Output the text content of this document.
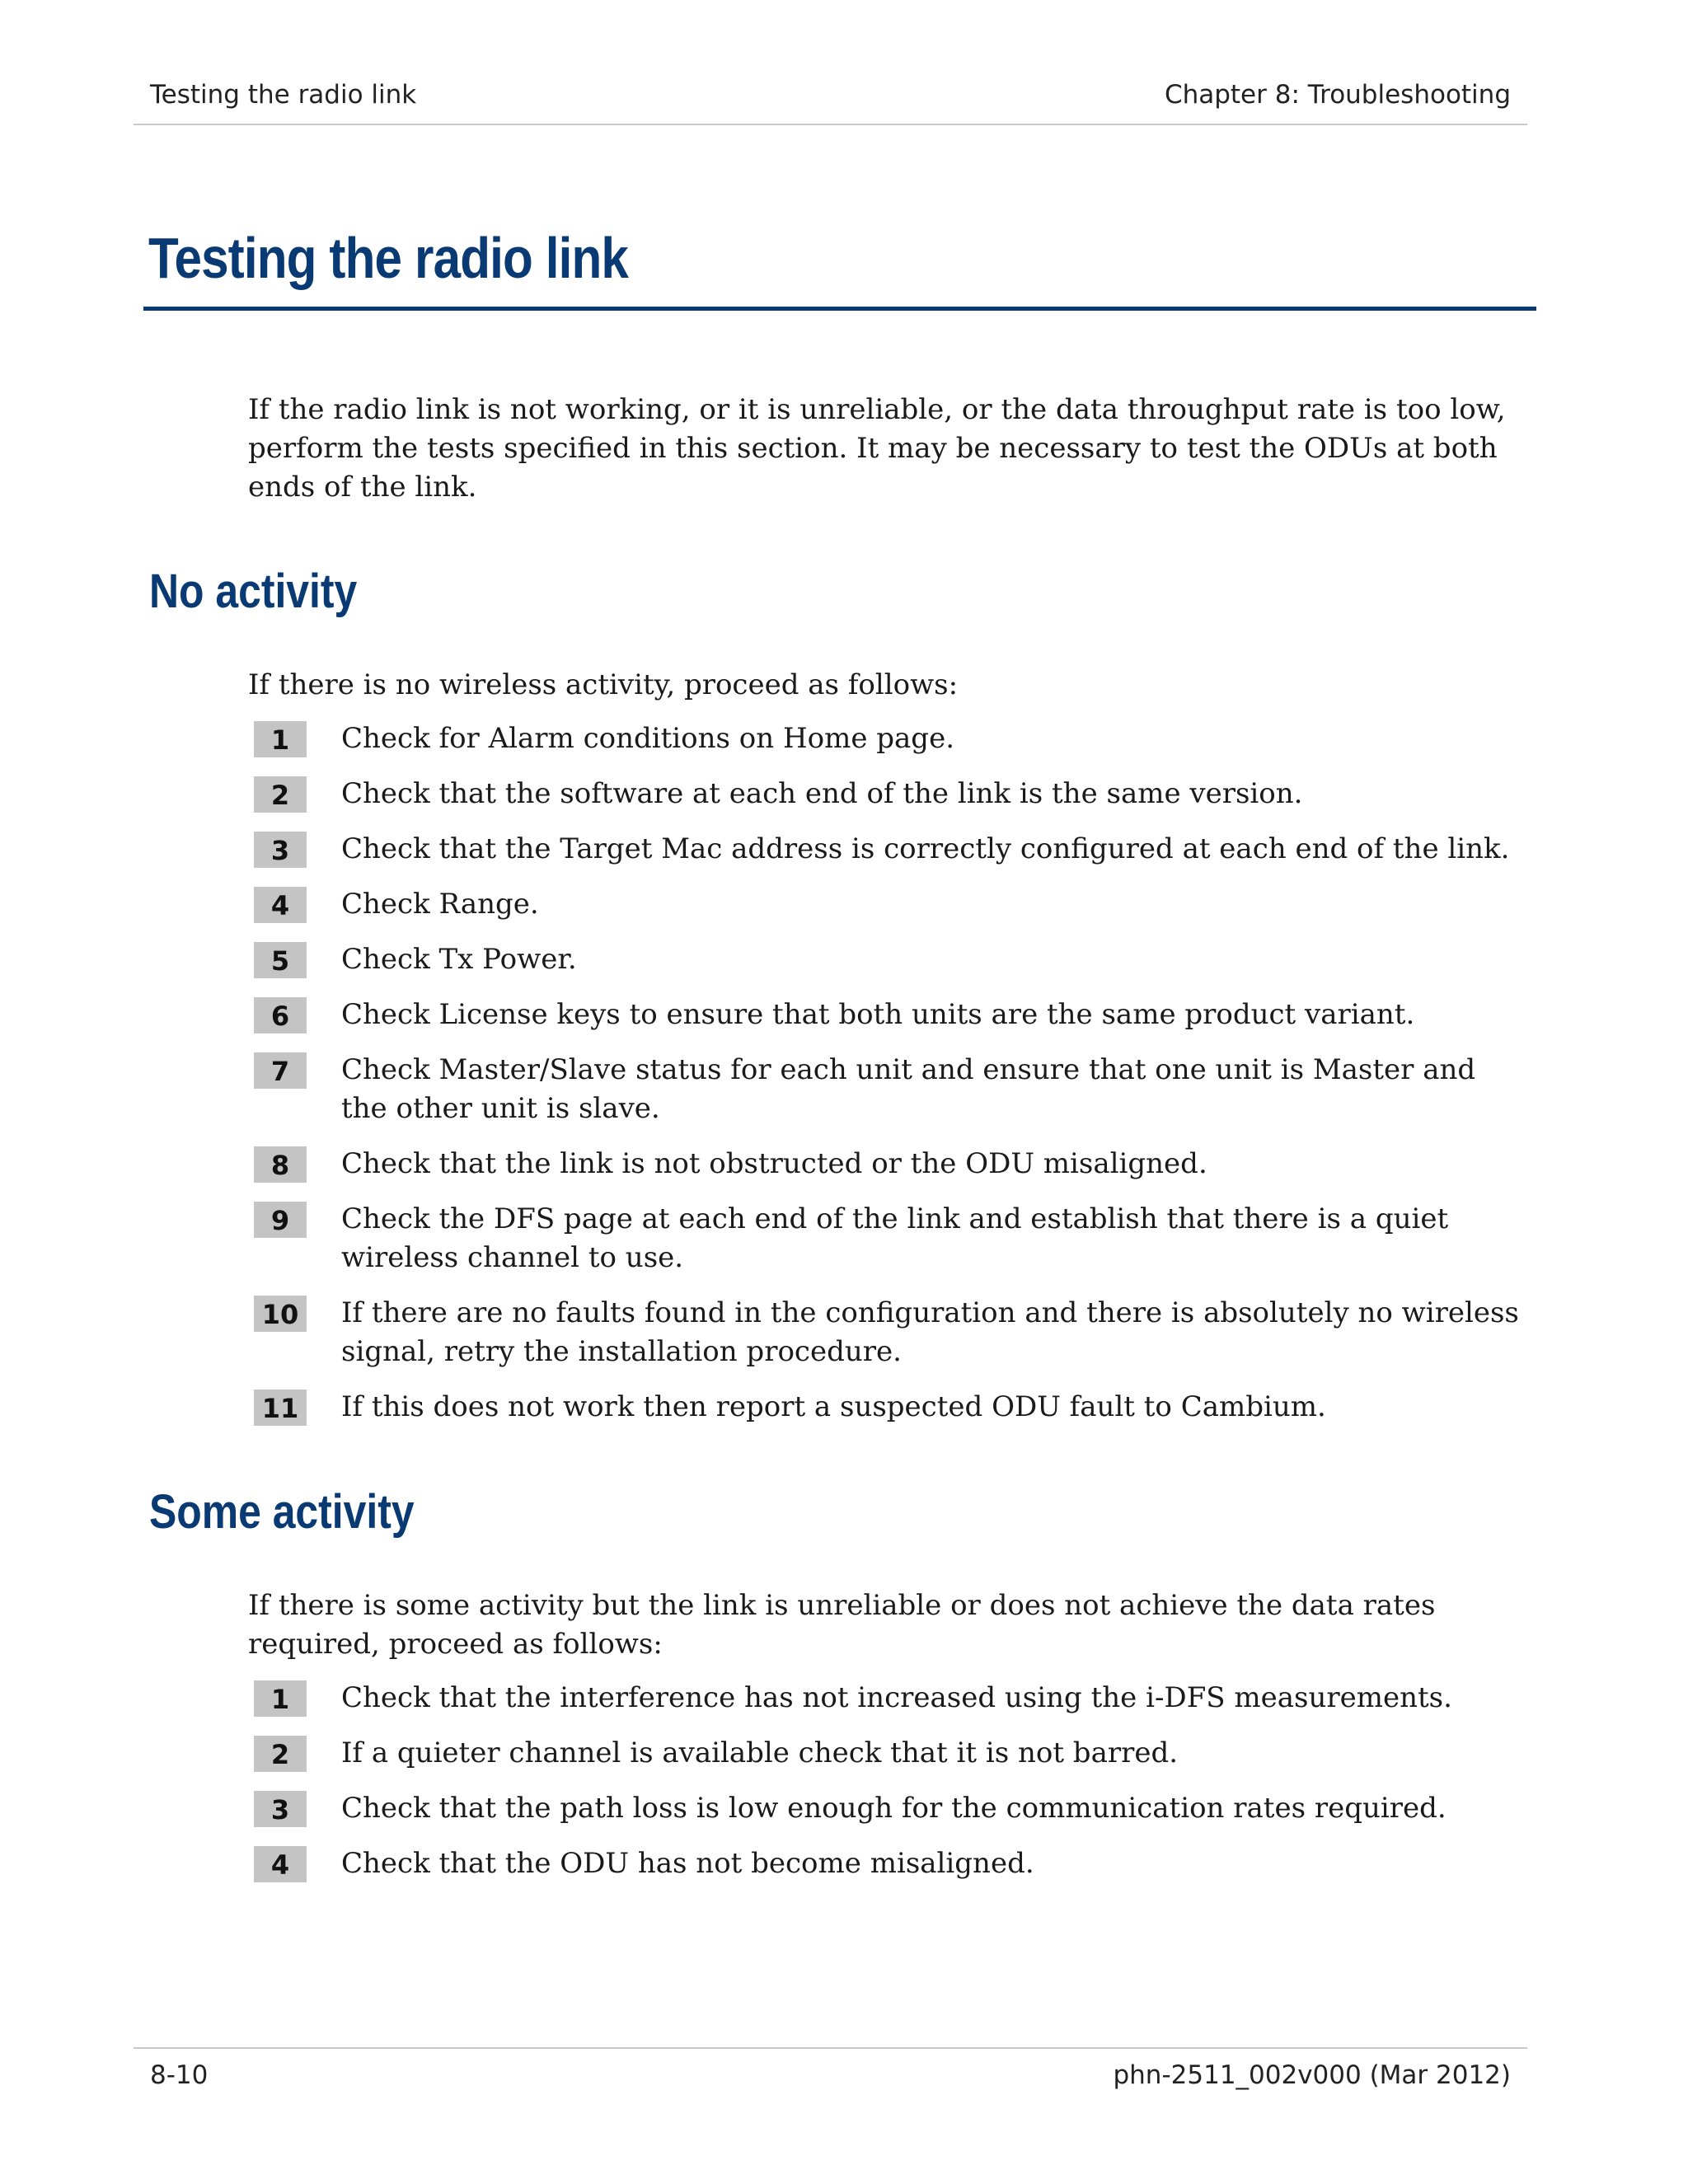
Testing the radio link	Chapter 8: Troubleshooting
Testing the radio link

If the radio link is not working, or it is unreliable, or the data throughput rate is too low, perform the tests specified in this section. It may be necessary to test the ODUs at both ends of the link.

No activity

If there is no wireless activity, proceed as follows:

1	Check for Alarm conditions on Home page.
2	Check that the software at each end of the link is the same version.
3	Check that the Target Mac address is correctly configured at each end of the link.
4	Check Range.
5	Check Tx Power.
6	Check License keys to ensure that both units are the same product variant.
7	Check Master/Slave status for each unit and ensure that one unit is Master and the other unit is slave.
8	Check that the link is not obstructed or the ODU misaligned.
9	Check the DFS page at each end of the link and establish that there is a quiet wireless channel to use.
10 If there are no faults found in the configuration and there is absolutely no wireless signal, retry the installation procedure.
11 If this does not work then report a suspected ODU fault to Cambium.
Some activity

If there is some activity but the link is unreliable or does not achieve the data rates required, proceed as follows:

1	Check that the interference has not increased using the i-DFS measurements.
2	If a quieter channel is available check that it is not barred.
3	Check that the path loss is low enough for the communication rates required.
4	Check that the ODU has not become misaligned.
8-10	phn-2511_002v000 (Mar 2012)
